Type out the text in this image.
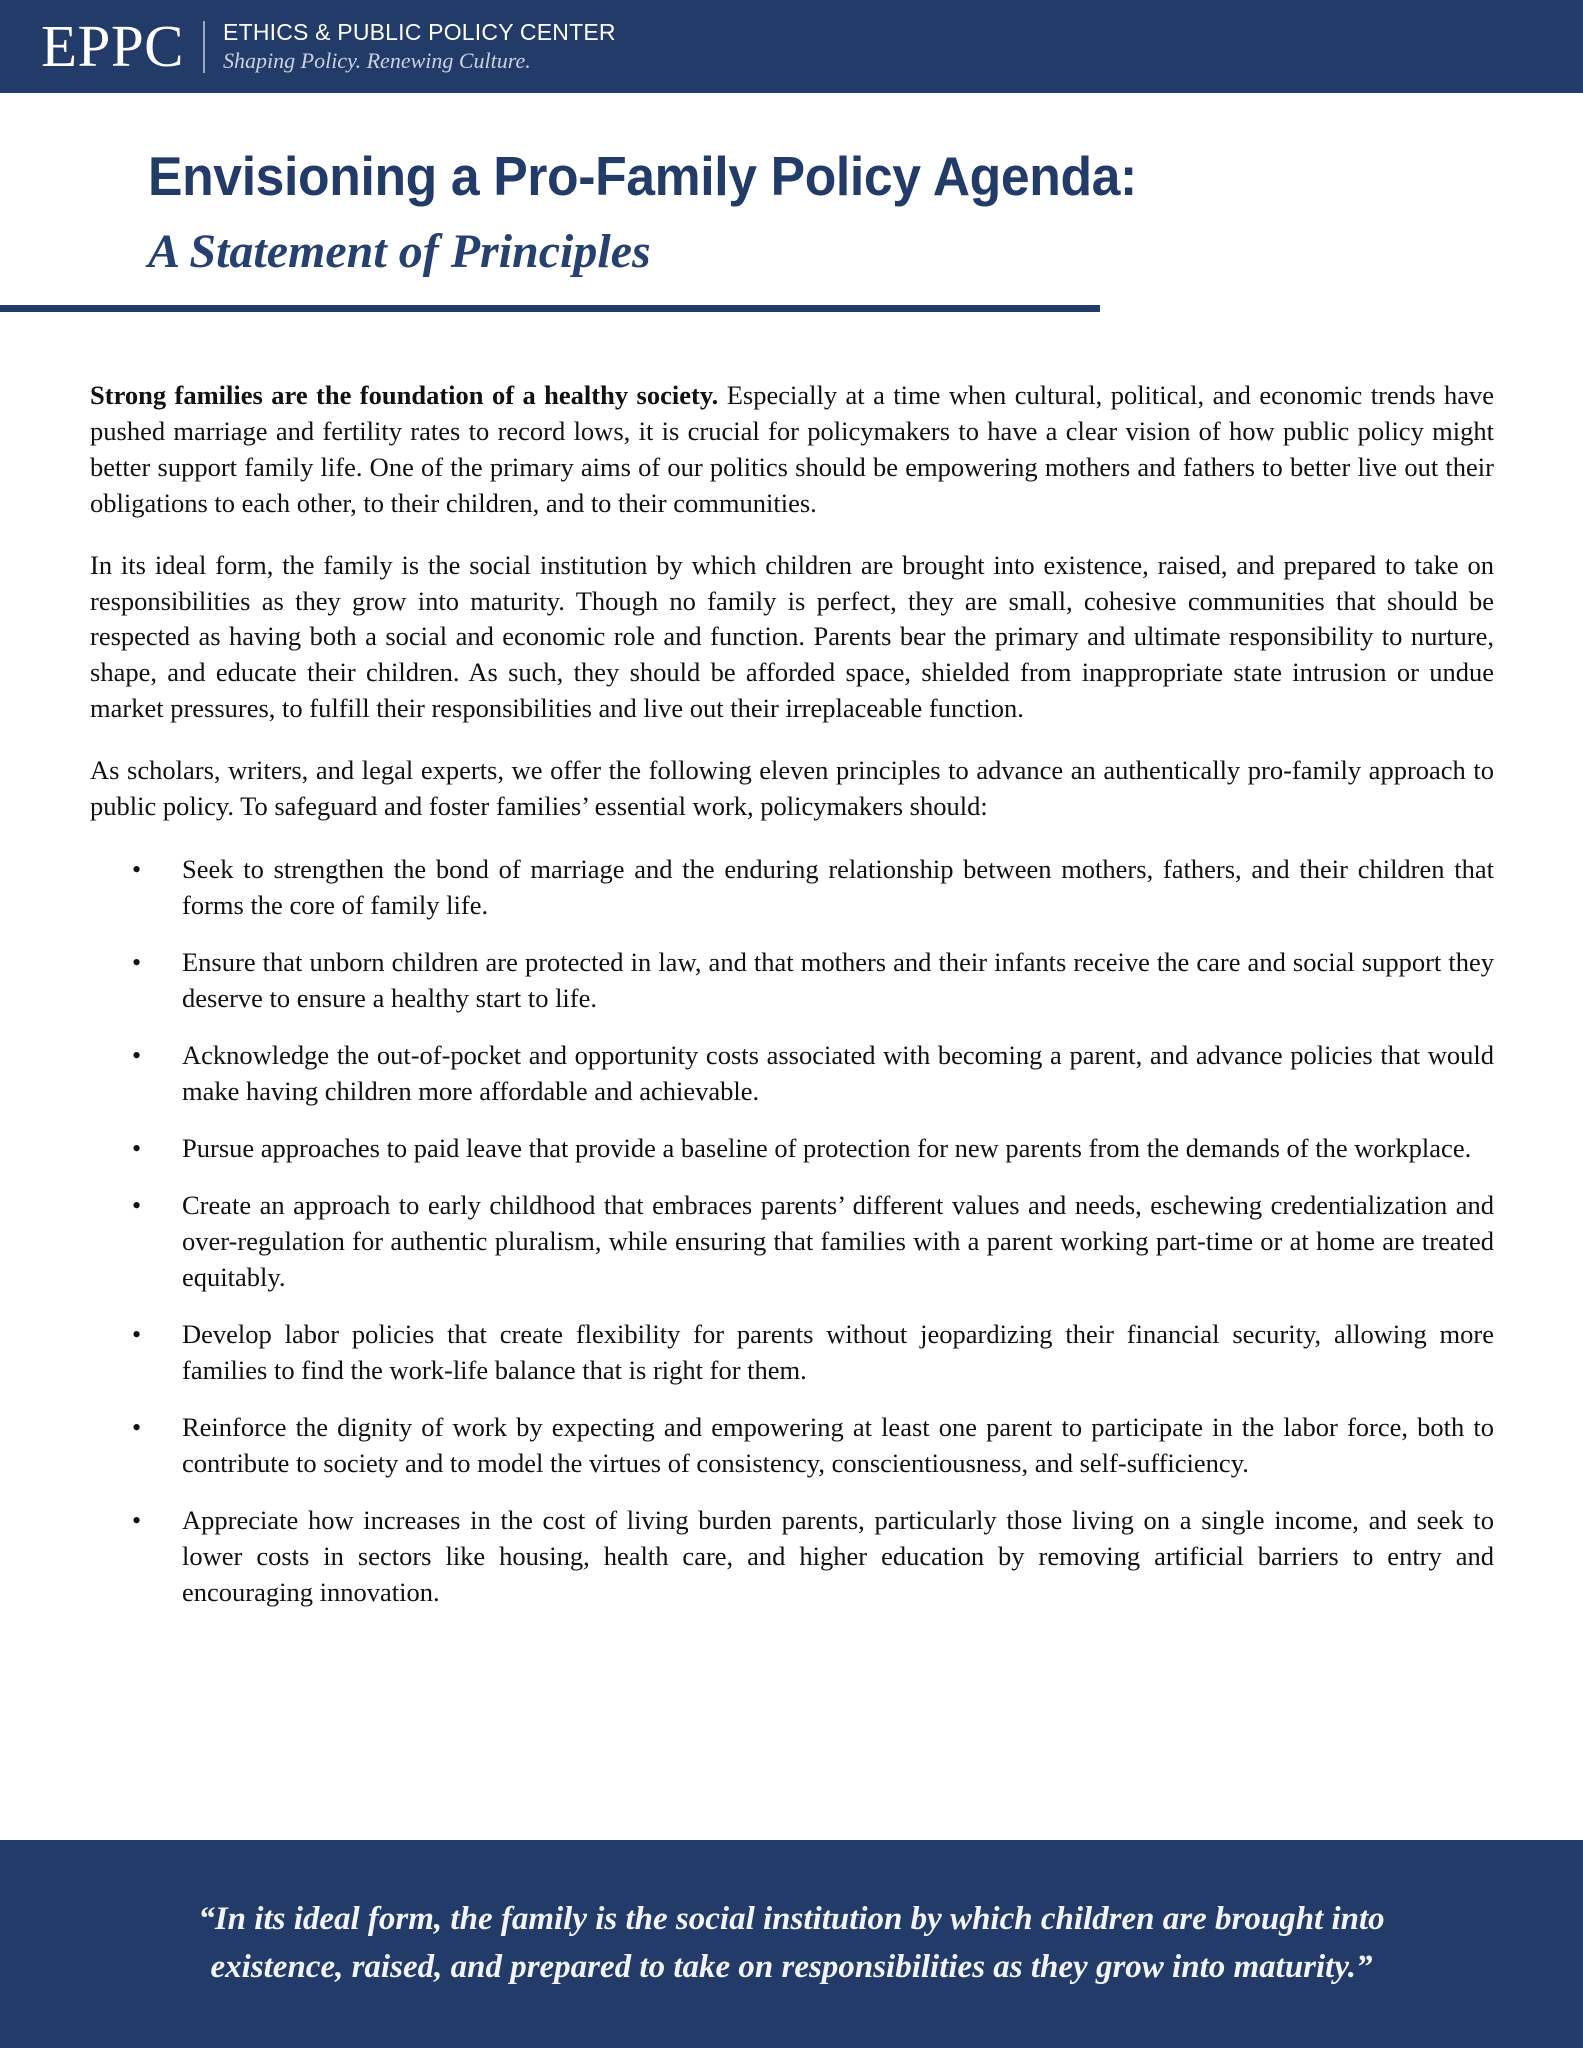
EPPC	ETHICS & PUBLIC POLICY CENTER
Shaping Policy. Renewing Culture.
Envisioning a Pro-Family Policy Agenda:
A Statement of Principles

Strong families are the foundation of a healthy society. Especially at a time when cultural, political, and economic trends have pushed marriage and fertility rates to record lows, it is crucial for policymakers to have a clear vision of how public policy might better support family life. One of the primary aims of our politics should be empowering mothers and fathers to better live out their obligations to each other, to their children, and to their communities.

In its ideal form, the family is the social institution by which children are brought into existence, raised, and prepared to take on responsibilities as they grow into maturity. Though no family is perfect, they are small, cohesive communities that should be respected as having both a social and economic role and function. Parents bear the primary and ultimate responsibility to nurture, shape, and educate their children. As such, they should be afforded space, shielded from inappropriate state intrusion or undue market pressures, to fulfill their responsibilities and live out their irreplaceable function.

As scholars, writers, and legal experts, we offer the following eleven principles to advance an authentically pro-family approach to public policy. To safeguard and foster families’ essential work, policymakers should:

• Seek to strengthen the bond of marriage and the enduring relationship between mothers, fathers, and their children that forms the core of family life.
• Ensure that unborn children are protected in law, and that mothers and their infants receive the care and social support they deserve to ensure a healthy start to life.
• Acknowledge the out-of-pocket and opportunity costs associated with becoming a parent, and advance policies that would make having children more affordable and achievable.
• Pursue approaches to paid leave that provide a baseline of protection for new parents from the demands of the workplace.
• Create an approach to early childhood that embraces parents’ different values and needs, eschewing credentialization and over-regulation for authentic pluralism, while ensuring that families with a parent working part-time or at home are treated equitably.
• Develop labor policies that create flexibility for parents without jeopardizing their financial security, allowing more families to find the work-life balance that is right for them.
• Reinforce the dignity of work by expecting and empowering at least one parent to participate in the labor force, both to contribute to society and to model the virtues of consistency, conscientiousness, and self-sufficiency.
• Appreciate how increases in the cost of living burden parents, particularly those living on a single income, and seek to lower costs in sectors like housing, health care, and higher education by removing artificial barriers to entry and encouraging innovation.

“In its ideal form, the family is the social institution by which children are brought into existence, raised, and prepared to take on responsibilities as they grow into maturity.”
